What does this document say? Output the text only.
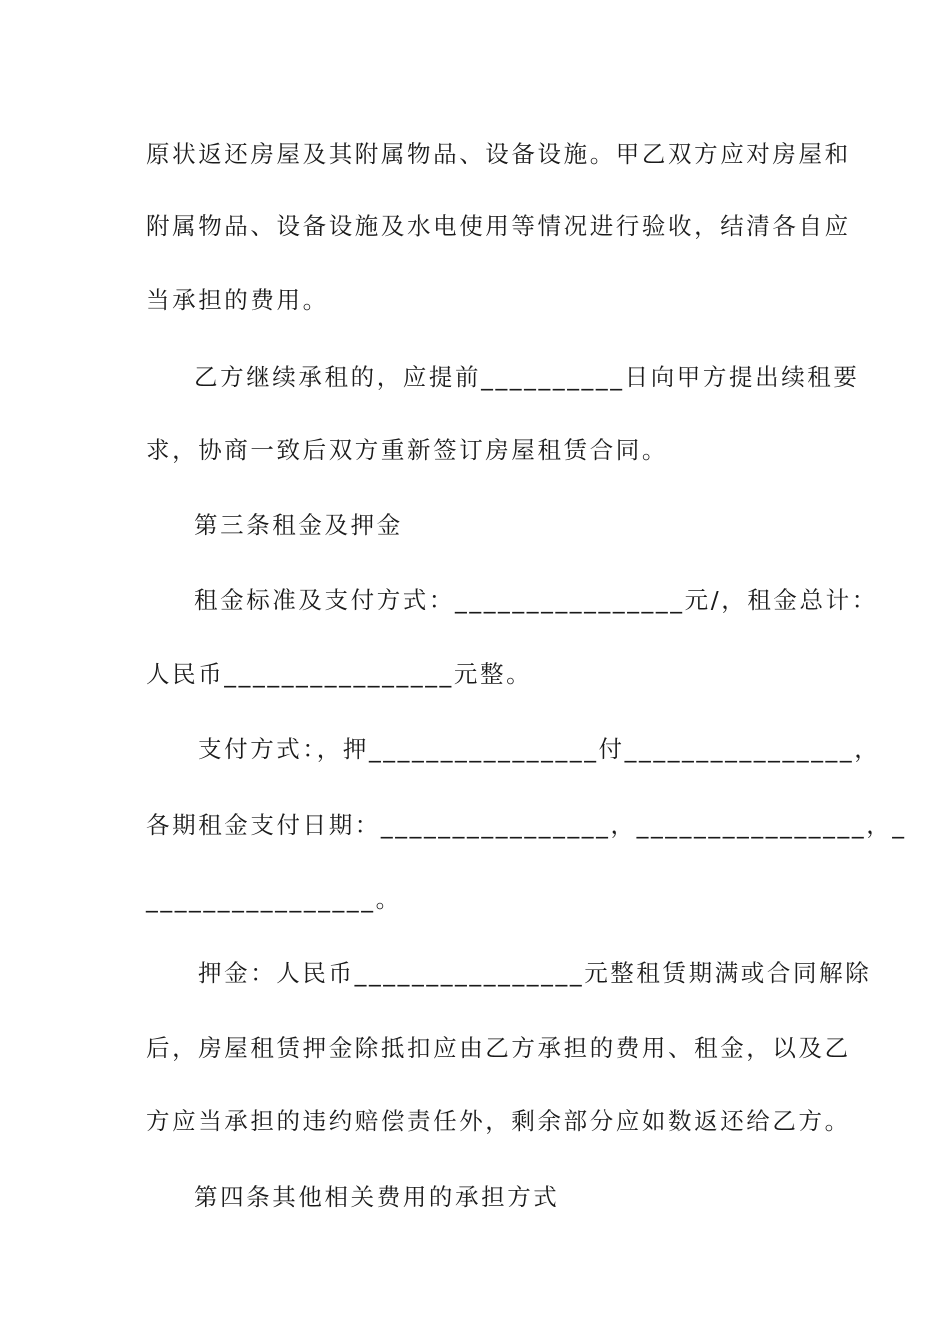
原状返还房屋及其附属物品、设备设施。甲乙双方应对房屋和
附属物品、设备设施及水电使用等情况进行验收，结清各自应
当承担的费用。
乙方继续承租的，应提前__________日向甲方提出续租要
求，协商一致后双方重新签订房屋租赁合同。
第三条租金及押金
租金标准及支付方式：________________元/，租金总计：
人民币________________元整。
支付方式：，押________________付________________，
各期租金支付日期：________________，________________，_
________________。
押金：人民币________________元整租赁期满或合同解除
后，房屋租赁押金除抵扣应由乙方承担的费用、租金，以及乙
方应当承担的违约赔偿责任外，剩余部分应如数返还给乙方。
第四条其他相关费用的承担方式
